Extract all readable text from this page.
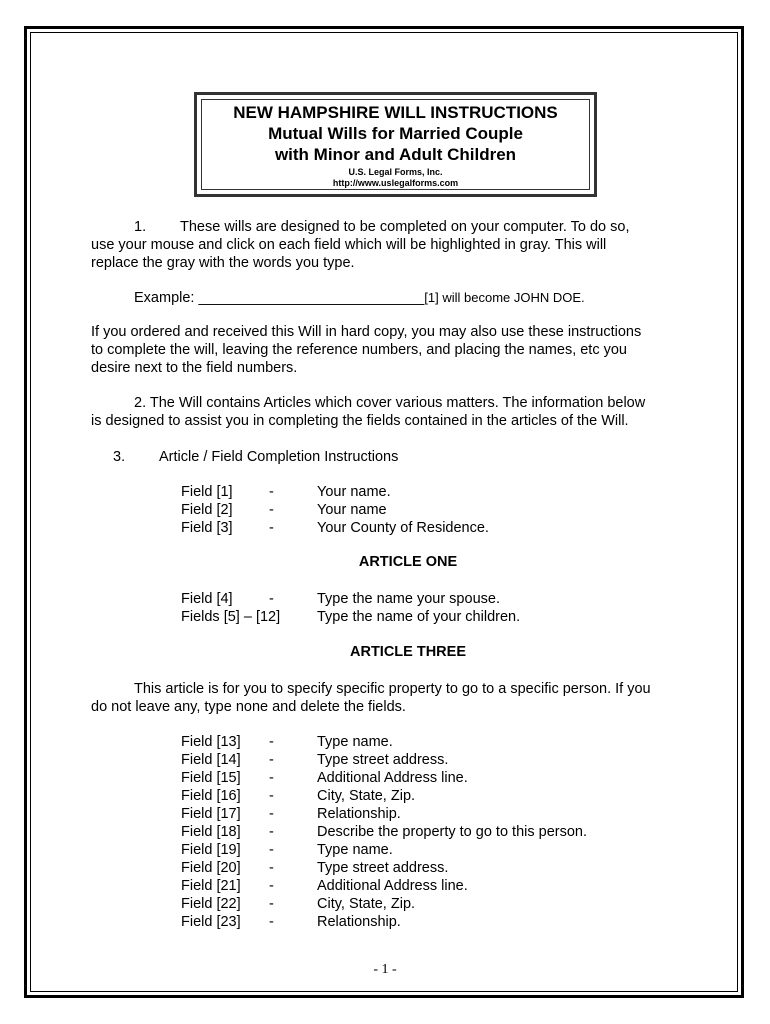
NEW HAMPSHIRE WILL INSTRUCTIONS
Mutual Wills for Married Couple
with Minor and Adult Children
U.S. Legal Forms, Inc.
http://www.uslegalforms.com
1. These wills are designed to be completed on your computer. To do so,
use your mouse and click on each field which will be highlighted in gray. This will
replace the gray with the words you type.
Example: ____________________________[1] will become JOHN DOE.
If you ordered and received this Will in hard copy, you may also use these instructions
to complete the will, leaving the reference numbers, and placing the names, etc you
desire next to the field numbers.
2. The Will contains Articles which cover various matters. The information below
is designed to assist you in completing the fields contained in the articles of the Will.
3. Article / Field Completion Instructions
Field [1]	-	Your name.
Field [2]	-	Your name
Field [3]	-	Your County of Residence.
ARTICLE ONE
Field [4]	-	Type the name your spouse.
Fields [5] – [12]	Type the name of your children.
ARTICLE THREE
This article is for you to specify specific property to go to a specific person. If you
do not leave any, type none and delete the fields.
Field [13]	-	Type name.
Field [14]	-	Type street address.
Field [15]	-	Additional Address line.
Field [16]	-	City, State, Zip.
Field [17]	-	Relationship.
Field [18]	-	Describe the property to go to this person.
Field [19]	-	Type name.
Field [20]	-	Type street address.
Field [21]	-	Additional Address line.
Field [22]	-	City, State, Zip.
Field [23]	-	Relationship.
- 1 -
